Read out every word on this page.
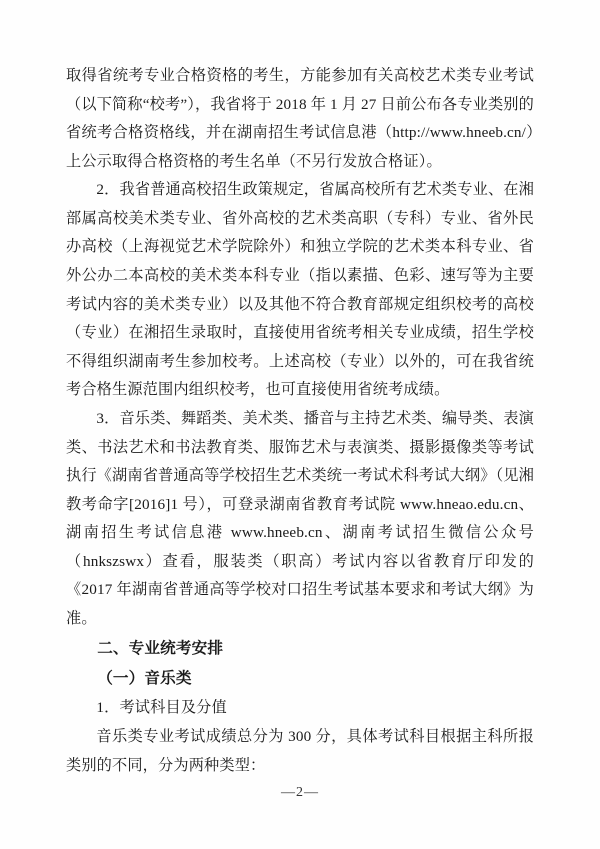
取得省统考专业合格资格的考生，方能参加有关高校艺术类专业考试（以下简称“校考”），我省将于 2018 年 1 月 27 日前公布各专业类别的省统考合格资格线，并在湖南招生考试信息港（http://www.hneeb.cn/）上公示取得合格资格的考生名单（不另行发放合格证）。

2．我省普通高校招生政策规定，省属高校所有艺术类专业、在湘部属高校美术类专业、省外高校的艺术类高职（专科）专业、省外民办高校（上海视觉艺术学院除外）和独立学院的艺术类本科专业、省外公办二本高校的美术类本科专业（指以素描、色彩、速写等为主要考试内容的美术类专业）以及其他不符合教育部规定组织校考的高校（专业）在湘招生录取时，直接使用省统考相关专业成绩，招生学校不得组织湖南考生参加校考。上述高校（专业）以外的，可在我省统考合格生源范围内组织校考，也可直接使用省统考成绩。

3．音乐类、舞蹈类、美术类、播音与主持艺术类、编导类、表演类、书法艺术和书法教育类、服饰艺术与表演类、摄影摄像类等考试执行《湖南省普通高等学校招生艺术类统一考试术科考试大纲》（见湘教考命字[2016]1 号），可登录湖南省教育考试院 www.hneao.edu.cn、湖南招生考试信息港 www.hneeb.cn、湖南考试招生微信公众号（hnkszswx）查看，服装类（职高）考试内容以省教育厅印发的《2017 年湖南省普通高等学校对口招生考试基本要求和考试大纲》为准。

二、专业统考安排

（一）音乐类

1．考试科目及分值

音乐类专业考试成绩总分为 300 分，具体考试科目根据主科所报类别的不同，分为两种类型：

—2—
